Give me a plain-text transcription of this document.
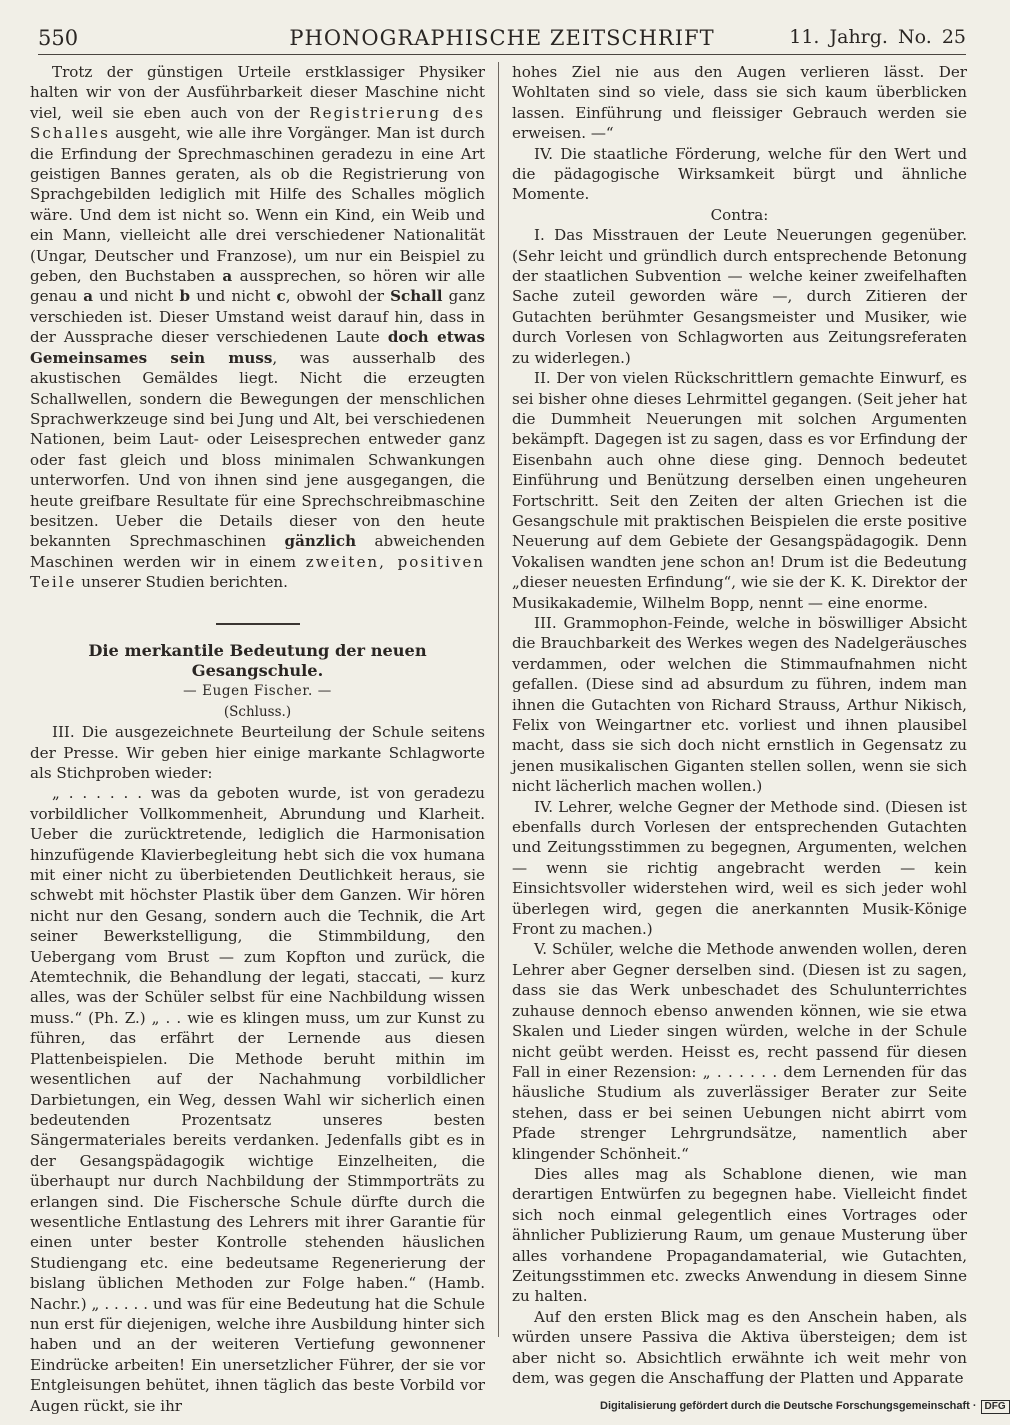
550	PHONOGRAPHISCHE ZEITSCHRIFT	11. Jahrg. No. 25

Trotz der günstigen Urteile erstklassiger Physiker halten wir von der Ausführbarkeit dieser Maschine nicht viel, weil sie eben auch von der Registrierung des Schalles ausgeht, wie alle ihre Vorgänger. Man ist durch die Erfindung der Sprechmaschinen geradezu in eine Art geistigen Bannes geraten, als ob die Registrierung von Sprachgebilden lediglich mit Hilfe des Schalles möglich wäre. Und dem ist nicht so. Wenn ein Kind, ein Weib und ein Mann, vielleicht alle drei verschiedener Nationalität (Ungar, Deutscher und Franzose), um nur ein Beispiel zu geben, den Buchstaben a aussprechen, so hören wir alle genau a und nicht b und nicht c, obwohl der Schall ganz verschieden ist. Dieser Umstand weist darauf hin, dass in der Aussprache dieser verschiedenen Laute doch etwas Gemeinsames sein muss, was ausserhalb des akustischen Gemäldes liegt. Nicht die erzeugten Schallwellen, sondern die Bewegungen der menschlichen Sprachwerkzeuge sind bei Jung und Alt, bei verschiedenen Nationen, beim Laut- oder Leisesprechen entweder ganz oder fast gleich und bloss minimalen Schwankungen unterworfen. Und von ihnen sind jene ausgegangen, die heute greifbare Resultate für eine Sprechschreibmaschine besitzen. Ueber die Details dieser von den heute bekannten Sprechmaschinen gänzlich abweichenden Maschinen werden wir in einem zweiten, positiven Teile unserer Studien berichten.

Die merkantile Bedeutung der neuen Gesangschule.

— Eugen Fischer. —

(Schluss.)

III. Die ausgezeichnete Beurteilung der Schule seitens der Presse. Wir geben hier einige markante Schlagworte als Stichproben wieder:

„ . . . . . . was da geboten wurde, ist von geradezu vorbildlicher Vollkommenheit, Abrundung und Klarheit. Ueber die zurücktretende, lediglich die Harmonisation hinzufügende Klavierbegleitung hebt sich die vox humana mit einer nicht zu überbietenden Deutlichkeit heraus, sie schwebt mit höchster Plastik über dem Ganzen. Wir hören nicht nur den Gesang, sondern auch die Technik, die Art seiner Bewerkstelligung, die Stimmbildung, den Uebergang vom Brust — zum Kopfton und zurück, die Atemtechnik, die Behandlung der legati, staccati, — kurz alles, was der Schüler selbst für eine Nachbildung wissen muss.“ (Ph. Z.) „ . . wie es klingen muss, um zur Kunst zu führen, das erfährt der Lernende aus diesen Plattenbeispielen. Die Methode beruht mithin im wesentlichen auf der Nachahmung vorbildlicher Darbietungen, ein Weg, dessen Wahl wir sicherlich einen bedeutenden Prozentsatz unseres besten Sängermateriales bereits verdanken. Jedenfalls gibt es in der Gesangspädagogik wichtige Einzelheiten, die überhaupt nur durch Nachbildung der Stimmporträts zu erlangen sind. Die Fischersche Schule dürfte durch die wesentliche Entlastung des Lehrers mit ihrer Garantie für einen unter bester Kontrolle stehenden häuslichen Studiengang etc. eine bedeutsame Regenerierung der bislang üblichen Methoden zur Folge haben.“ (Hamb. Nachr.) „ . . . . . und was für eine Bedeutung hat die Schule nun erst für diejenigen, welche ihre Ausbildung hinter sich haben und an der weiteren Vertiefung gewonnener Eindrücke arbeiten! Ein unersetzlicher Führer, der sie vor Entgleisungen behütet, ihnen täglich das beste Vorbild vor Augen rückt, sie ihr

hohes Ziel nie aus den Augen verlieren lässt. Der Wohltaten sind so viele, dass sie sich kaum überblicken lassen. Einführung und fleissiger Gebrauch werden sie erweisen. —“

IV. Die staatliche Förderung, welche für den Wert und die pädagogische Wirksamkeit bürgt und ähnliche Momente.

Contra:

I. Das Misstrauen der Leute Neuerungen gegenüber. (Sehr leicht und gründlich durch entsprechende Betonung der staatlichen Subvention — welche keiner zweifelhaften Sache zuteil geworden wäre —, durch Zitieren der Gutachten berühmter Gesangsmeister und Musiker, wie durch Vorlesen von Schlagworten aus Zeitungsreferaten zu widerlegen.)

II. Der von vielen Rückschrittlern gemachte Einwurf, es sei bisher ohne dieses Lehrmittel gegangen. (Seit jeher hat die Dummheit Neuerungen mit solchen Argumenten bekämpft. Dagegen ist zu sagen, dass es vor Erfindung der Eisenbahn auch ohne diese ging. Dennoch bedeutet Einführung und Benützung derselben einen ungeheuren Fortschritt. Seit den Zeiten der alten Griechen ist die Gesangschule mit praktischen Beispielen die erste positive Neuerung auf dem Gebiete der Gesangspädagogik. Denn Vokalisen wandten jene schon an! Drum ist die Bedeutung „dieser neuesten Erfindung“, wie sie der K. K. Direktor der Musikakademie, Wilhelm Bopp, nennt — eine enorme.

III. Grammophon-Feinde, welche in böswilliger Absicht die Brauchbarkeit des Werkes wegen des Nadelgeräusches verdammen, oder welchen die Stimmaufnahmen nicht gefallen. (Diese sind ad absurdum zu führen, indem man ihnen die Gutachten von Richard Strauss, Arthur Nikisch, Felix von Weingartner etc. vorliest und ihnen plausibel macht, dass sie sich doch nicht ernstlich in Gegensatz zu jenen musikalischen Giganten stellen sollen, wenn sie sich nicht lächerlich machen wollen.)

IV. Lehrer, welche Gegner der Methode sind. (Diesen ist ebenfalls durch Vorlesen der entsprechenden Gutachten und Zeitungsstimmen zu begegnen, Argumenten, welchen — wenn sie richtig angebracht werden — kein Einsichtsvoller widerstehen wird, weil es sich jeder wohl überlegen wird, gegen die anerkannten Musik-Könige Front zu machen.)

V. Schüler, welche die Methode anwenden wollen, deren Lehrer aber Gegner derselben sind. (Diesen ist zu sagen, dass sie das Werk unbeschadet des Schulunterrichtes zuhause dennoch ebenso anwenden können, wie sie etwa Skalen und Lieder singen würden, welche in der Schule nicht geübt werden. Heisst es, recht passend für diesen Fall in einer Rezension: „ . . . . . . dem Lernenden für das häusliche Studium als zuverlässiger Berater zur Seite stehen, dass er bei seinen Uebungen nicht abirrt vom Pfade strenger Lehrgrundsätze, namentlich aber klingender Schönheit.“

Dies alles mag als Schablone dienen, wie man derartigen Entwürfen zu begegnen habe. Vielleicht findet sich noch einmal gelegentlich eines Vortrages oder ähnlicher Publizierung Raum, um genaue Musterung über alles vorhandene Propagandamaterial, wie Gutachten, Zeitungsstimmen etc. zwecks Anwendung in diesem Sinne zu halten.

Auf den ersten Blick mag es den Anschein haben, als würden unsere Passiva die Aktiva übersteigen; dem ist aber nicht so. Absichtlich erwähnte ich weit mehr von dem, was gegen die Anschaffung der Platten und Apparate

Digitalisierung gefördert durch die Deutsche Forschungsgemeinschaft · DFG
